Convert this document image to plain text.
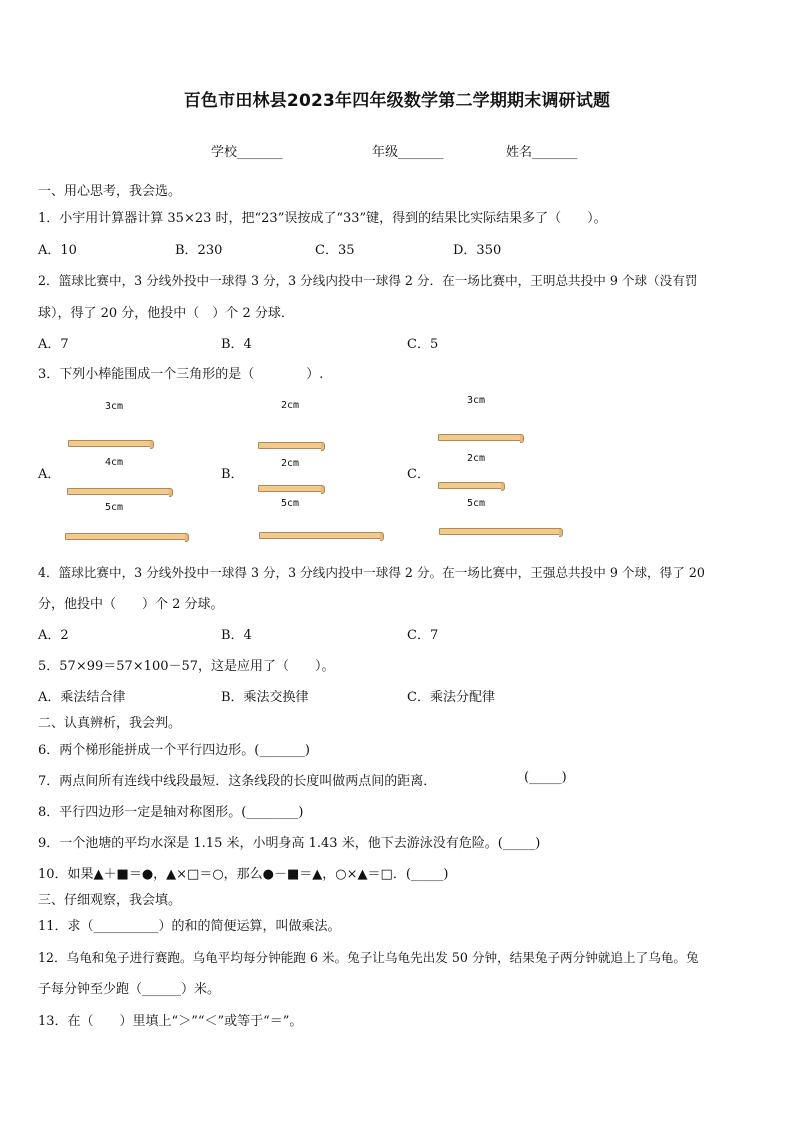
百色市田林县2023年四年级数学第二学期期末调研试题
学校_______	年级_______	姓名_______
一、用心思考，我会选。
1．小宇用计算器计算 35×23 时，把“23”误按成了“33”键，得到的结果比实际结果多了（　　）。
A．10	B．230	C．35	D．350
2．篮球比赛中，3 分线外投中一球得 3 分，3 分线内投中一球得 2 分．在一场比赛中，王明总共投中 9 个球（没有罚
球），得了 20 分，他投中（　）个 2 分球．
A．7	B．4	C．5
3．下列小棒能围成一个三角形的是（　　　　）.
A．
3cm
4cm
5cm
B．
2cm
2cm
5cm
C．
3cm
2cm
5cm
4．篮球比赛中，3 分线外投中一球得 3 分，3 分线内投中一球得 2 分。在一场比赛中，王强总共投中 9 个球，得了 20
分，他投中（　　）个 2 分球。
A．2	B．4	C．7
5．57×99＝57×100－57，这是应用了（　　）。
A．乘法结合律	B．乘法交换律	C．乘法分配律
二、认真辨析，我会判。
6．两个梯形能拼成一个平行四边形。(_______)
7．两点间所有连线中线段最短．这条线段的长度叫做两点间的距离．	(_____)
8．平行四边形一定是轴对称图形。(________)
9．一个池塘的平均水深是 1.15 米，小明身高 1.43 米，他下去游泳没有危险。(_____)
10．如果▲＋■＝●，▲×□＝○，那么●－■＝▲，○×▲＝□．(_____)
三、仔细观察，我会填。
11．求（__________）的和的简便运算，叫做乘法。
12．乌龟和兔子进行赛跑。乌龟平均每分钟能跑 6 米。兔子让乌龟先出发 50 分钟，结果兔子两分钟就追上了乌龟。兔
子每分钟至少跑（______）米。
13．在（　　）里填上“＞”“＜”或等于“＝”。
